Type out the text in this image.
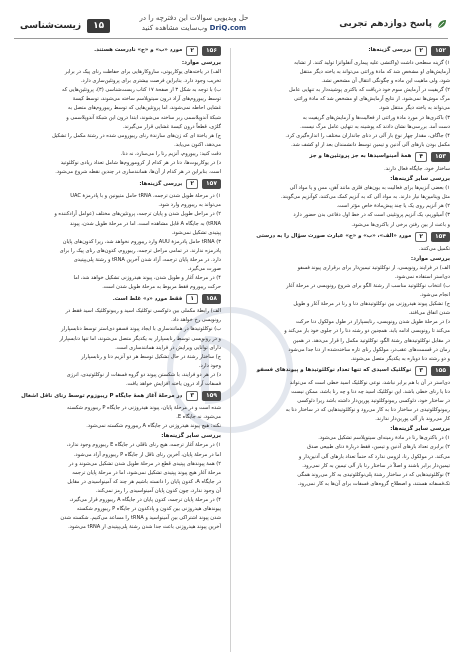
پاسخ دوازدهم تجربی
حل ویدیویی سوالات این دفترچه را در
DriQ.com وب‌سایت مشاهده کنید
۱۵
زیست‌شناسی
۱۵۲
۲
بررسی گزینه‌ها:
۱) گزینه سطحی داشت (واکنشی علیه پیماری آنفلوانزا تولید کنند. از تشابه
آزمایش‌های او مشخص شد که مادهٔ وراثتی می‌تواند به یاخته دیگر منتقل
شود، ولی ماهیت این ماده و چگونگی انتقال آن مشخص نشد.
۲) گریفیت در آزمایش سوم خود دریافت که باکتری پوشینه‌دار به تنهایی عامل
مرگ موش‌ها نمی‌شود. از نتایج آزمایش‌های او مشخص شد که مادهٔ وراثتی
می‌تواند به یاخته دیگر منتقل شود.
۳) باکتری‌ها در مورد مادهٔ وراثتی از فعالیت‌ها و آزمایش‌های گریفیت به
دست آمد. بررسی‌ها نشان دادند که پوشینه به تنهایی عامل مرگ نیست.
۴) جاگاف، مقدار چهار نوع باز آلی در دنای جانداران مختلف را اندازه‌گیری کرد.
مکمل بودن بازهای آلی آدنین و تیمین توسط دانشمندان بعد از او کشف شد.
۱۵۳
۴
همهٔ آمینواسیدها به جز پروتئین‌ها و جز
ساختار خود، جایگاه فعال دارند.
بررسی سایر گزینه‌ها:
۱) بعضی آنزیم‌ها برای فعالیت به یون‌های فلزی مانند آهن، مس و یا مواد آلی
مثل ویتامین‌ها نیاز دارند. به مواد آلی که به آنزیم کمک می‌کنند، کوآنزیم می‌گویند.
۲) هر آنزیم روی یک یا چند پیش‌مادهٔ خاص مؤثر است.
۳) آمیلوزیم، یک آنزیم پروتئینی است که در خط اول دفاعی بدن حضور دارد
و باعث از بین رفتن برخی از باکتری‌ها می‌شود.
۱۵۴
۲
مورد «الف»، «ب» و «ج» عبارت صورت سؤال را به درستی
تکمیل می‌کنند.
بررسی موارد:
الف) در فرایند رونویسی، از نوکلئوتید تیمین‌دار برای برقراری پیوند فسفو
دی‌استر استفاده نمی‌شود.
ب) انتخاب نوکلئوتید مناسب از رشتهٔ الگو برای شروع رونویسی در مرحلهٔ آغاز
انجام می‌شود.
ج) تشکیل پیوند هیدروژنی بین نوکلئوتیدهای دنا و رنا در مرحلهٔ آغاز و طویل
شدن اتفاق می‌افتد.
د) در مرحلهٔ طویل شدن رونویسی، رنابسپاراز در طول مولکول دنا حرکت
می‌کند تا رونویسی ادامه یابد. همچنین دو رشته دنا را در جلوی خود باز می‌کند و
در مقابل نوکلئوتیدهای رشتهٔ الگو، نوکلئوتید مکمل را قرار می‌دهد. در همین
زمان در قسمت‌های عقب‌تر، مولکول رنای تازه ساخته‌شده از دنا جدا می‌شود
و دو رشته دنا دوباره به یکدیگر متصل می‌شوند.
۱۵۵
۳
نوکلئیک اسیدی که تنها تعداد نوکلئوتیدها و پیوندهای فسفو
دی‌استر در آن با هم برابر نباشد، نوعی نوکلئیک اسید خطی است که می‌تواند
دنا یا رنای خطی باشد. این نوکلئیک اسید چه دنا و چه رنا باشد، ممکن نیست
در ساختار خود، دئوکسی ریبونوکلئوتید پورین‌دار داشته باشد زیرا دئوکسی
ریبونوکلئوتیدی در ساختار دنا به کار می‌رود و نوکلئوتیدهایی که در ساختار دنا به
کار می‌روند باز آلی پورین‌دار ندارند.
بررسی سایر گزینه‌ها:
۱) در باکتری‌ها رنا در مادهٔ زمینه‌ای سیتوپلاسم تشکیل می‌شود.
۲) برابری تعداد بازهای آدنین و تیمین، فقط دربارهٔ دنای طبیعی صدق
می‌کند. در مولکول رنا، لزومی ندارد که حتماً تعداد بازهای آلی آدنین‌دار و
تیمین‌دار برابر باشند و اصلاً در ساختار رنا باز آلی تیمین به کار نمی‌رود.
۴) نوکلئوتیدهایی که در ساختار رشتهٔ پلی‌نوکلئوتیدی به کار می‌روند همگی
تک‌فسفاته هستند، و اصطلاح گروه‌های فسفات برای آن‌ها به کار نمی‌رود.
۱۵۶
۲
مورد «ب» و «ج» نادرست هستند.
بررسی موارد:
الف) در یاخته‌های یوکاریوتی، سازوکارهایی برای حفاظت رنای پیک در برابر
تخریب وجود دارد. بنابراین فرصت بیشتری برای پروتئین‌سازی دارد.
ب) با توجه به شکل ۳ از صفحهٔ ۱۷ کتاب زیست‌شناسی (۳)، پروتئین‌هایی که
توسط ریبوزوم‌های آزاد درون سیتوپلاسم ساخته می‌شوند، توسط کیسهٔ
غشایی احاطه نمی‌شوند، اما پروتئین‌هایی که توسط ریبوزوم‌های متصل به
شبکهٔ آندوپلاسمی زبر ساخته می‌شوند، ابتدا درون این شبکهٔ آندوپلاسمی و
گلژی، قطعاً درون کیسهٔ غشایی قرار می‌گیرند.
ج) هر یاختهٔ ای که ژن‌های سازندهٔ رنای ریبوزومی شده در رشتهٔ مکمل را تشکیل
می‌دهد، اکنون می‌یابد.
دقت کنید: ریبوزوم، آنزیم رنا را می‌سازد، نه دنا.
د) در یوکاریوت‌ها، دنا در هر کدام از کروموزوم‌ها شامل تعداد زیادی نوکلئوتید
است. بنابراین در هر کدام از آن‌ها، همانندسازی در چندین نقطه شروع می‌شود.
۱۵۷
۲
بررسی گزینه‌ها:
۱) در مرحلهٔ طویل شدن ترجمه، tRNA حامل متیونین و با پادرمزهٔ UAC
می‌تواند به ریبوزوم وارد شود.
۲) در مراحل طویل شدن و پایان ترجمه، پروتئین‌های مختلف (عوامل آزادکننده و
tRNA) به جایگاه A قابل مشاهده است. اما در مرحلهٔ طویل شدن، پیوند
پپتیدی تشکیل نمی‌شود.
۳) tRNA حامل پادرمزهٔ AUU وارد ریبوزوم نخواهد شد، زیرا کدون‌های پایان
پادرمزه ندارند. در تمامی مراحل ترجمه، ریبوزوم، کدون‌های رنای پیک را برای
دارد. در مرحلهٔ پایان ترجمه، آزاد شدن آخرین tRNA و رشتهٔ پلی‌پپتیدی
صورت می‌گیرد.
۴) در مرحلهٔ آغاز و طویل شدن، پیوند هیدروژنی تشکیل خواهد شد، اما
حرکت ریبوزوم فقط مربوط به مرحلهٔ طویل شدن است.
۱۵۸
۱
فقط مورد «د» غلط است.
الف) رابطهٔ مکملی بین دئوکسی نوکلئیک اسید و ریبونوکلئیک اسید فقط در
رونویسی رخ خواهد داد.
ب) نوکلئوتیدها در همانندسازی با ایجاد پیوند فسفو دی‌استر توسط دنابسپاراز
و در رونویسی توسط رنابسپاراز به یکدیگر متصل می‌شوند، اما تنها دنابسپاراز
دارای توانایی ویرایش در فرایند همانندسازی است.
ج) ساختار رشتهٔ در حال تشکیل توسط هر دو آنزیم دنا و رنابسپاراز
وجود دارد.
د) در هر دو فرایند، با شکستن پیوند دو گروه فسفات از نوکلئوتیدی، انرژی
فسفات آزاد درون یاخته افزایش خواهد یافت.
۱۵۹
۳
در مرحلهٔ آغاز همهٔ جایگاه P ریبوزوم توسط رنای ناقل اشغال
شده است و در مرحلهٔ پایان، پیوند هیدروژنی در جایگاه P ریبوزوم شکسته
می‌شود، نه جایگاه E.
نکته: هیچ پیوند هیدروژنی در جایگاه A ریبوزوم شکسته نمی‌شود.
بررسی سایر گزینه‌ها:
۱) در مرحلهٔ آغاز ترجمه، هیچ رنای ناقلی در جایگاه E ریبوزوم وجود ندارد،
اما در مرحلهٔ پایان، آخرین رنای ناقل از جایگاه P ریبوزوم آزاد می‌شود.
۲) همهٔ پیوندهای پپتیدی قطع در مرحلهٔ طویل شدن تشکیل می‌شوند و در
مرحلهٔ آغاز هیچ پیوند پپتیدی تشکیل نمی‌شود، اما در مرحلهٔ پایان ترجمه
در جایگاه A، کدون پایان را دانسته باشیم هر چند که آمینواسیدی در مقابل
آن وجود ندارد، چون کدون پایان آمینواسیدی را رمز نمی‌کند.
۴) در مرحلهٔ پایان ترجمه، کدون پایان در جایگاه A ریبوزوم قرار می‌گیرد،
پیوندهای هیدروژنی بین کدون و پادکدون در جایگاه P ریبوزوم شکسته
شدن پیوند اشتراکی بین آمینواسید و tRNA را مساعد می‌کنیم. شکسته شدن
آخرین پیوند هیدروژنی باعث جدا شدن رشتهٔ پلی‌پپتیدی از tRNA می‌شود.
